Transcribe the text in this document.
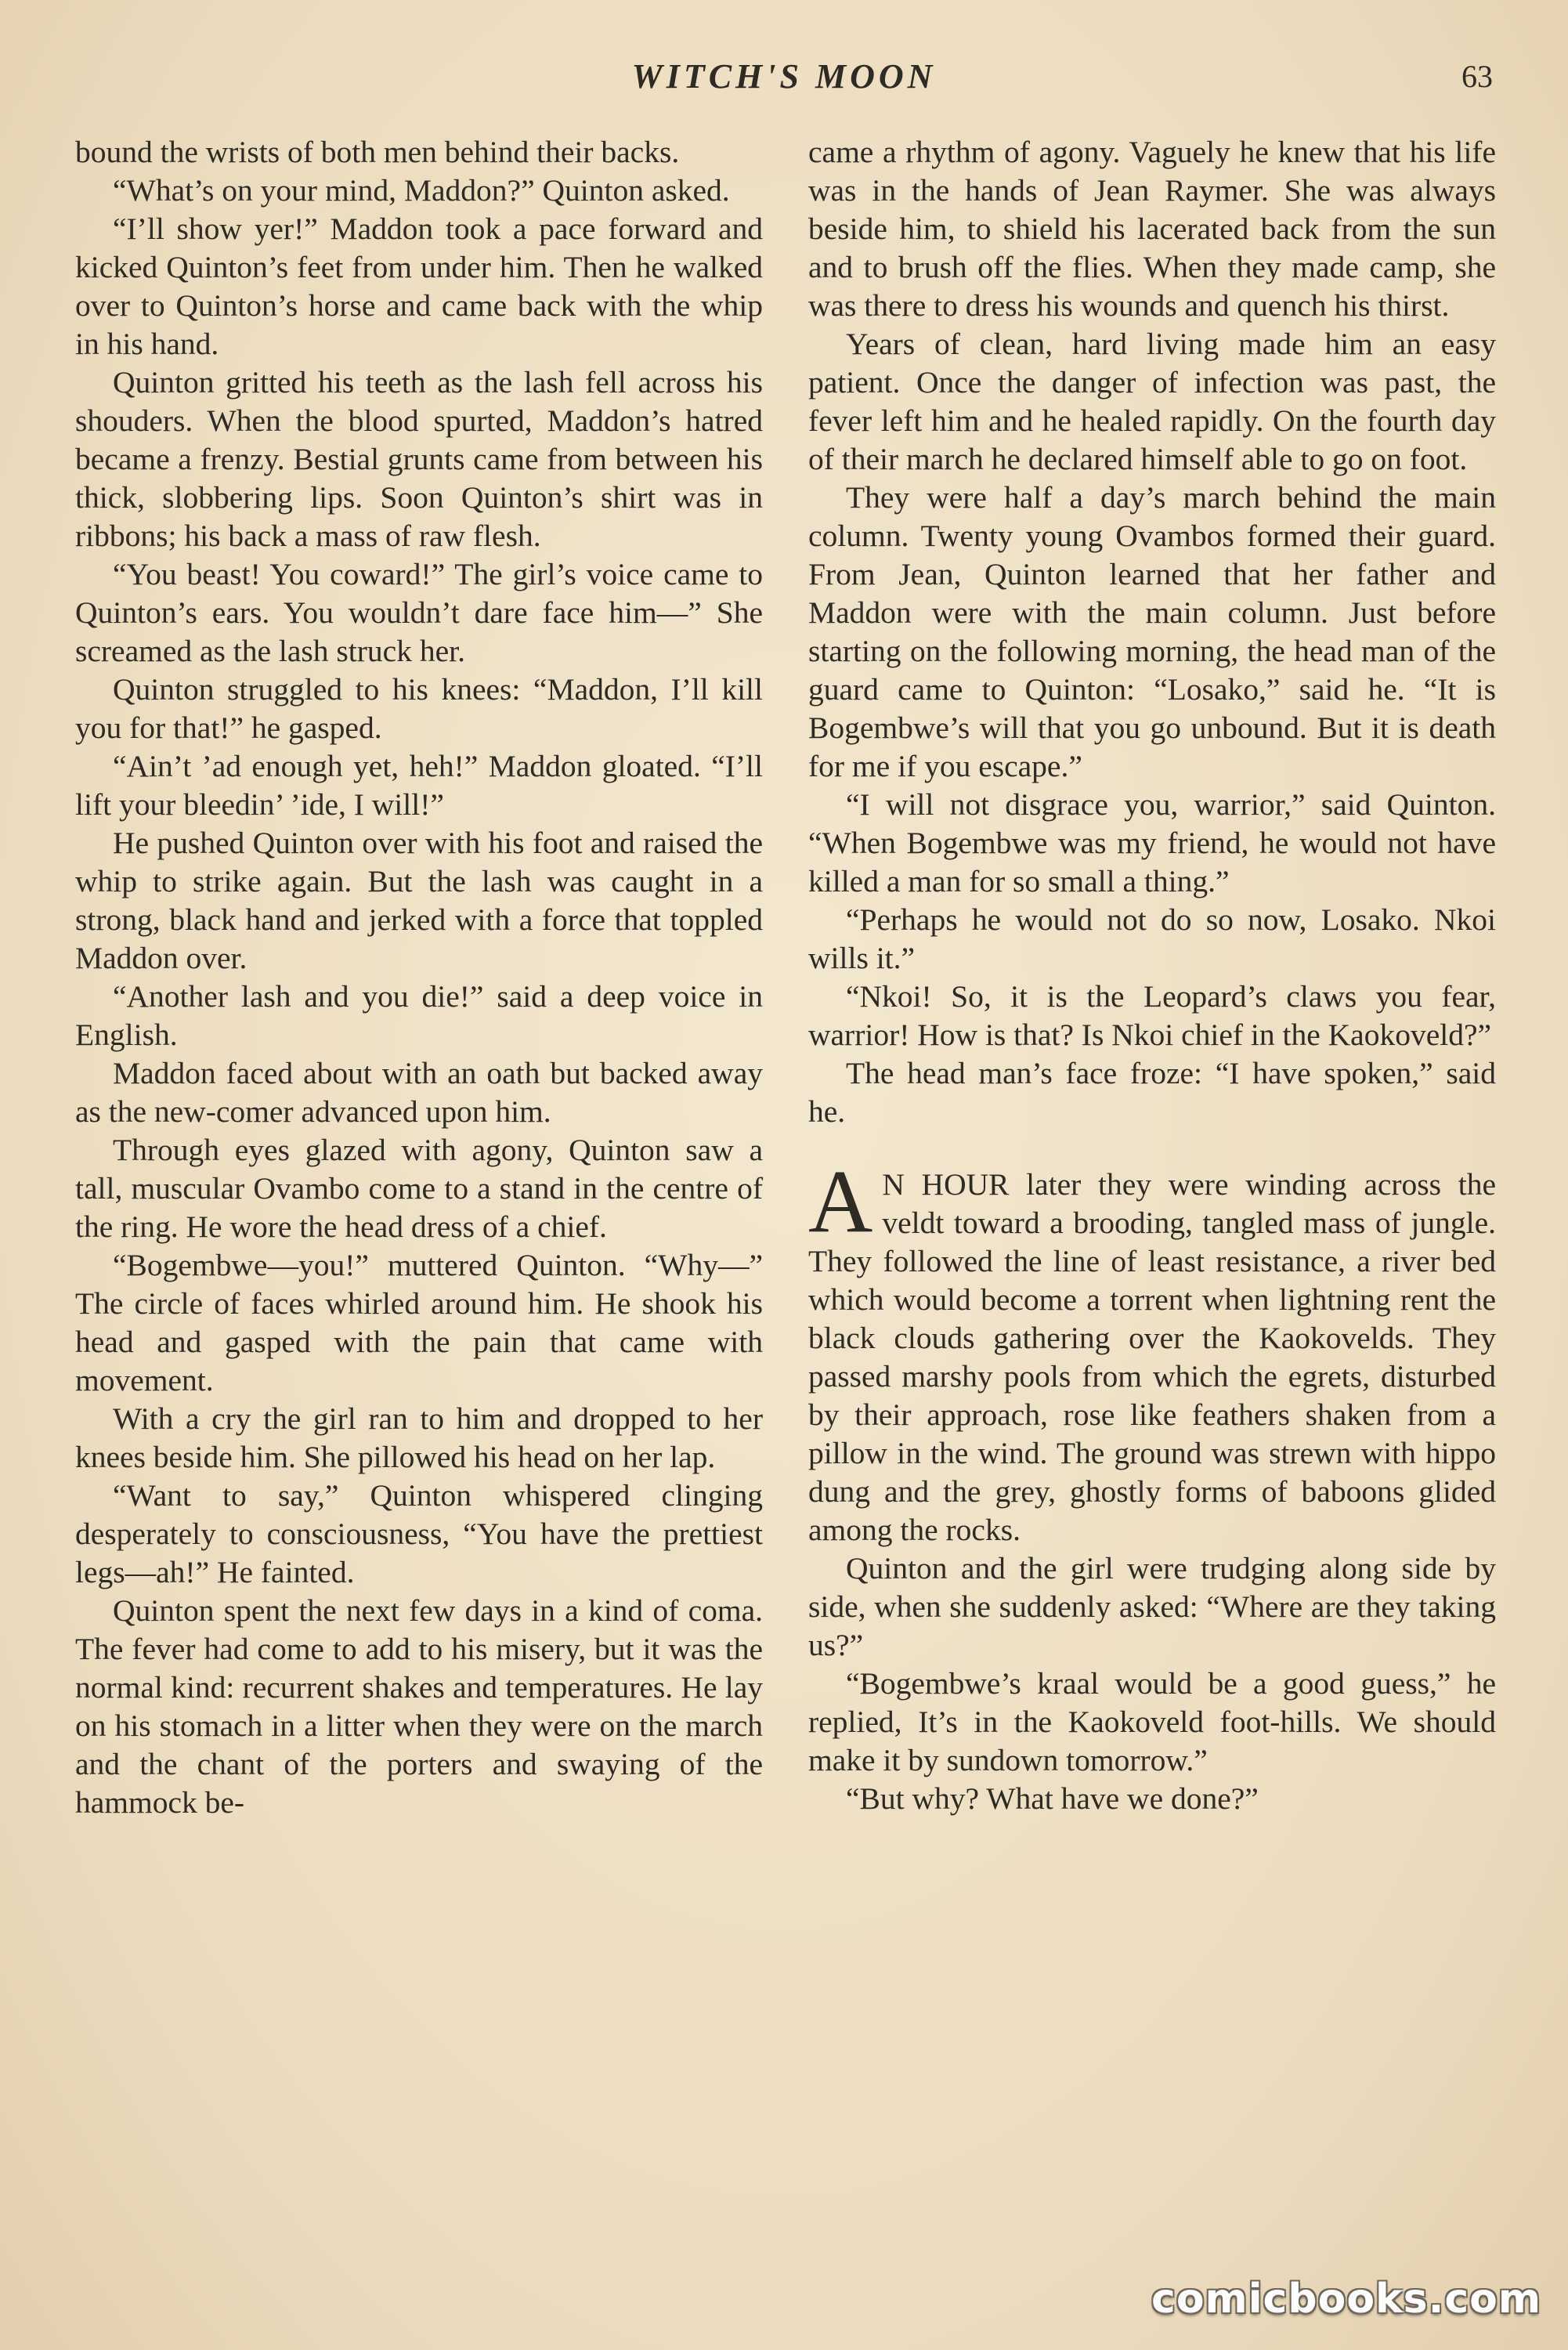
WITCH'S MOON	63

bound the wrists of both men behind their backs.

“What’s on your mind, Maddon?” Quinton asked.

“I’ll show yer!” Maddon took a pace forward and kicked Quinton’s feet from under him. Then he walked over to Quinton’s horse and came back with the whip in his hand.

Quinton gritted his teeth as the lash fell across his shouders. When the blood spurted, Maddon’s hatred became a frenzy. Bestial grunts came from between his thick, slobbering lips. Soon Quinton’s shirt was in ribbons; his back a mass of raw flesh.

“You beast! You coward!” The girl’s voice came to Quinton’s ears. You wouldn’t dare face him—” She screamed as the lash struck her.

Quinton struggled to his knees: “Maddon, I’ll kill you for that!” he gasped.

“Ain’t ’ad enough yet, heh!” Maddon gloated. “I’ll lift your bleedin’ ’ide, I will!”

He pushed Quinton over with his foot and raised the whip to strike again. But the lash was caught in a strong, black hand and jerked with a force that toppled Maddon over.

“Another lash and you die!” said a deep voice in English.

Maddon faced about with an oath but backed away as the new-comer advanced upon him.

Through eyes glazed with agony, Quinton saw a tall, muscular Ovambo come to a stand in the centre of the ring. He wore the head dress of a chief.

“Bogembwe—you!” muttered Quinton. “Why—” The circle of faces whirled around him. He shook his head and gasped with the pain that came with movement.

With a cry the girl ran to him and dropped to her knees beside him. She pillowed his head on her lap.

“Want to say,” Quinton whispered clinging desperately to consciousness, “You have the prettiest legs—ah!” He fainted.

Quinton spent the next few days in a kind of coma. The fever had come to add to his misery, but it was the normal kind: recurrent shakes and temperatures. He lay on his stomach in a litter when they were on the march and the chant of the porters and swaying of the hammock be-

came a rhythm of agony. Vaguely he knew that his life was in the hands of Jean Raymer. She was always beside him, to shield his lacerated back from the sun and to brush off the flies. When they made camp, she was there to dress his wounds and quench his thirst.

Years of clean, hard living made him an easy patient. Once the danger of infection was past, the fever left him and he healed rapidly. On the fourth day of their march he declared himself able to go on foot.

They were half a day’s march behind the main column. Twenty young Ovambos formed their guard. From Jean, Quinton learned that her father and Maddon were with the main column. Just before starting on the following morning, the head man of the guard came to Quinton: “Losako,” said he. “It is Bogembwe’s will that you go unbound. But it is death for me if you escape.”

“I will not disgrace you, warrior,” said Quinton. “When Bogembwe was my friend, he would not have killed a man for so small a thing.”

“Perhaps he would not do so now, Losako. Nkoi wills it.”

“Nkoi! So, it is the Leopard’s claws you fear, warrior! How is that? Is Nkoi chief in the Kaokoveld?”

The head man’s face froze: “I have spoken,” said he.

A N HOUR later they were winding across the veldt toward a brooding, tangled mass of jungle. They followed the line of least resistance, a river bed which would become a torrent when lightning rent the black clouds gathering over the Kaokovelds. They passed marshy pools from which the egrets, disturbed by their approach, rose like feathers shaken from a pillow in the wind. The ground was strewn with hippo dung and the grey, ghostly forms of baboons glided among the rocks.

Quinton and the girl were trudging along side by side, when she suddenly asked: “Where are they taking us?”

“Bogembwe’s kraal would be a good guess,” he replied, It’s in the Kaokoveld foot-hills. We should make it by sundown tomorrow.”

“But why? What have we done?”

comicbooks.com
